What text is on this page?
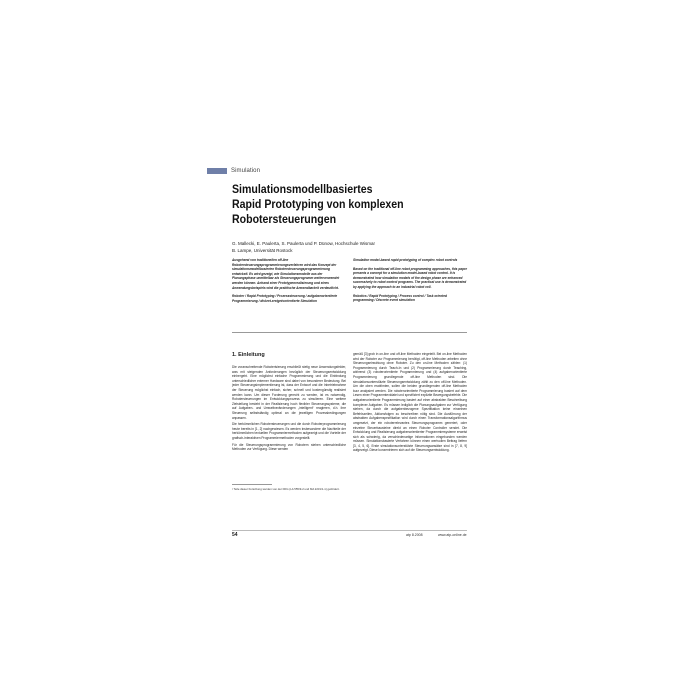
Simulation
Simulationsmodellbasiertes
Rapid Prototyping von komplexen
Robotersteuerungen
G. Mallecki, E. Paulerta, S. Paulerta und P. Dünow, Hochschule Wismar
B. Lampe, Universität Rostock
Ausgehend von traditionellen off-line Robotersteuerungsprogrammierungsverfahren wird das Konzept der simulationsmodellbasierten Robotersteuerungsprogrammierung entwickelt. Es wird gezeigt, wie Simulationsmodelle aus der Planungsphase unmittelbar als Steuerungsprogramm weiterverwendet werden können. Anhand einer Prototypenrealisierung und eines Anwendungsbeispiels wird die praktische Anwendbarkeit verdeutlicht.
Roboter / Rapid Prototyping / Prozesssteuerung / aufgabenorientierte Programmierung / diskret-ereignisorientierte Simulation
Simulation model-based rapid prototyping of complex robot controls
Based on the traditional off-line robot programming approaches, this paper presents a concept for a simulation model-based robot control. It is demonstrated how simulation models of the design phase are enhanced successively to robot control programs. The practical use is demonstrated by applying the approach to an industrial robot cell.
Robotics / Rapid Prototyping / Process control / Task oriented programming / Discrete event simulation
1. Einleitung

Die voranschreitende Roboterisierung erschließt stetig neue Anwendungsfelder, was mit steigenden Anforderungen bezüglich der Steuerungsentwicklung einhergeht. Eine möglichst einfache Programmierung und die Einbindung unterschiedlicher externer Hardware sind dabei von besonderer Bedeutung. Bei jeder Steuerungsimplementierung ist, dass der Entwurf und die Inbetriebnahme der Steuerung möglichst einfach, sicher, schnell und kostengünstig realisiert werden kann. Um dieser Forderung gerecht zu werden, ist es notwendig, Robotersteuerungen im Entwicklungsprozess zu simulieren. Eine weitere Zielstellung besteht in der Realisierung hoch flexibler Steuerungssysteme, die auf Aufgaben- und Umweltveränderungen „intelligent“ reagieren, d.h. ihre Steuerung selbstständig optimal an die jeweiligen Prozessbedingungen anpassen.

Die herkömmlichen Robotersteuerungen und die durch Roboterprogrammierung heute bereits in [1, 2] nachgewiesen. Es werden insbesondere die Nachteile der herkömmlichen textuellen Programmiermethoden aufgezeigt und die Vorteile der grafisch-interaktiven Programmiermethoden vorgestellt.

Für die Steuerungsprogrammierung von Robotern stehen unterschiedliche Methoden zur Verfügung. Diese werden

gemäß [3] grob in on-line und off-line Methoden eingeteilt. Bei on-line Methoden wird der Roboter zur Programmierung benötigt, off-line Methoden arbeiten ohne Steuerungseinwirkung ohne Roboter. Zu den on-line Methoden zählen: (1) Programmierung durch Teach-In und (2) Programmierung durch Teaching, während (3) roboterorientierte Programmierung und (4) aufgabenorientierte Programmierung grundlegende off-line Methoden sind. Die simulationsunterstützte Steuerungsentwicklung zählt zu den off-line Methoden. Um die oben erwähnten, sollen die beiden grundlegenden off-line Methoden kurz analysiert werden. Die roboterorientierte Programmierung basiert auf dem Lesen einer Programmtextdatei und spezifiziert explizite Bewegungsbefehle. Die aufgabenorientierte Programmierung basiert auf einer abstrakten Beschreibung komplexer Aufgaben. Es müssen lediglich die Planungsaufgaben zur Verfügung stehen, da durch die aufgabenbezogene Spezifikation keine einzelnen Befehlszeilen, Aktionsfolgen zu beschreiben nötig sind. Die Ausführung der abstrakten Aufgabenspezifikation wird durch einen Transformationsalgorithmus umgesetzt, der ein roboterrelevantes Steuerungsprogramm generiert, oder einzelne Steuerbausteine direkt an einen Roboter Controller sendet. Die Entwicklung und Realisierung aufgabenorientierter Programmiersysteme erweist sich als schwierig, da verschiedenartige Informationen eingebunden werden müssen. Simulationsbasierte Verfahren können einen wertvollen Beitrag liefern [3, 4, 5, 6]. Erste simulationsunterstützte Steuerungsansätze sind in [7, 8, 9] aufgezeigt. Diese konzentrieren sich auf die Steuerungsentwicklung.

¹ Teile dieser Forschung wurden von der DFG (LA 555/9-2 und MA 2231/1-1) gefördert.
54	atp 8.2008	www.atp-online.de
